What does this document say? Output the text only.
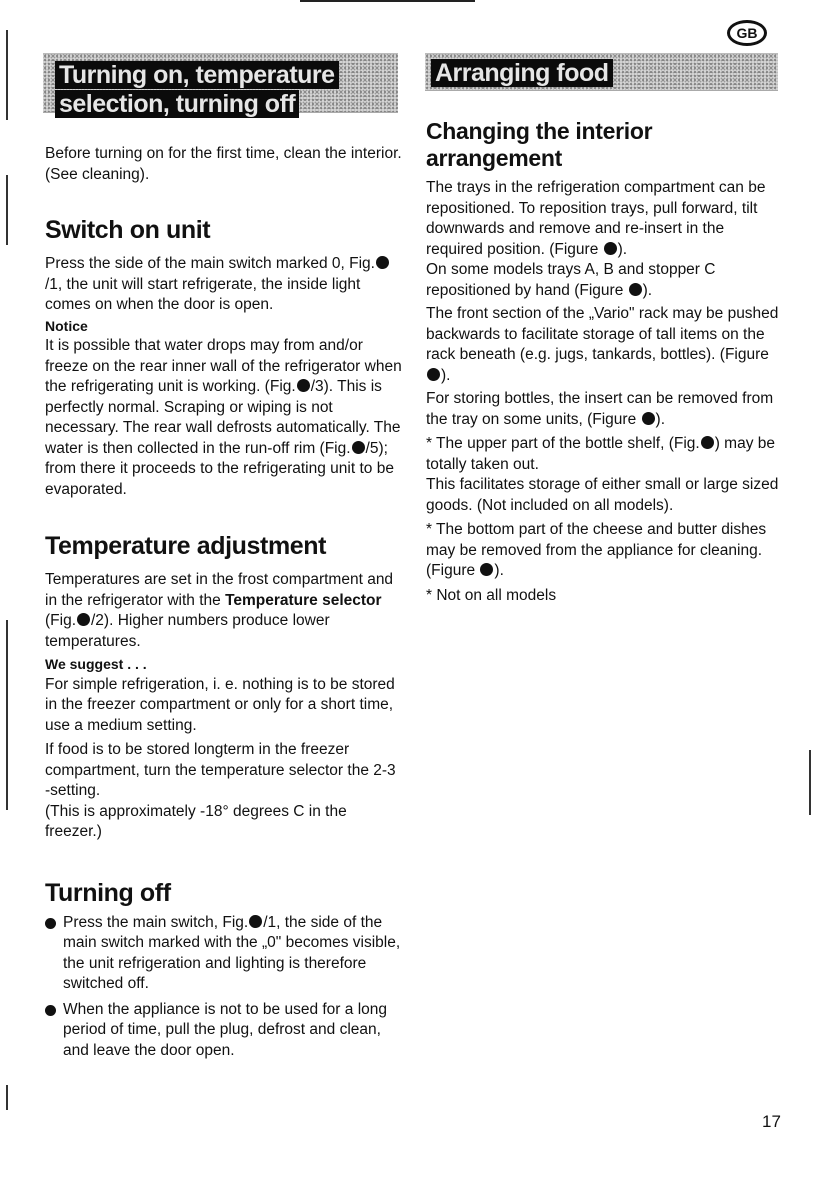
GB
Turning on, temperature selection, turning off
Arranging food

Before turning on for the first time, clean the interior. (See cleaning).

Switch on unit

Press the side of the main switch marked 0, Fig./1, the unit will start refrigerate, the inside light comes on when the door is open.

Notice

It is possible that water drops may from and/or freeze on the rear inner wall of the refrigerator when the refrigerating unit is working. (Fig. /3). This is perfectly normal. Scraping or wiping is not necessary. The rear wall defrosts automatically. The water is then collected in the run-off rim (Fig. /5); from there it proceeds to the refrigerating unit to be evaporated.

Temperature adjustment

Temperatures are set in the frost compartment and in the refrigerator with the Temperature selector (Fig. /2). Higher numbers produce lower temperatures.

We suggest . . .

For simple refrigeration, i. e. nothing is to be stored in the freezer compartment or only for a short time, use a medium setting.

If food is to be stored longterm in the freezer compartment, turn the temperature selector the 2-3 -setting.

(This is approximately -18° degrees C in the freezer.)

Turning off

Press the main switch, Fig. /1, the side of the main switch marked with the „0" becomes visible, the unit refrigeration and lighting is therefore switched off.

When the appliance is not to be used for a long period of time, pull the plug, defrost and clean, and leave the door open.

Changing the interior arrangement

The trays in the refrigeration compartment can be repositioned. To reposition trays, pull forward, tilt downwards and remove and re-insert in the required position. (Figure ).

On some models trays A, B and stopper C repositioned by hand (Figure ).

The front section of the „Vario" rack may be pushed backwards to facilitate storage of tall items on the rack beneath (e.g. jugs, tankards, bottles). (Figure ).

For storing bottles, the insert can be removed from the tray on some units, (Figure ).

* The upper part of the bottle shelf, (Fig. ) may be totally taken out.

This facilitates storage of either small or large sized goods. (Not included on all models).

* The bottom part of the cheese and butter dishes may be removed from the appliance for cleaning. (Figure ).

* Not on all models

17
